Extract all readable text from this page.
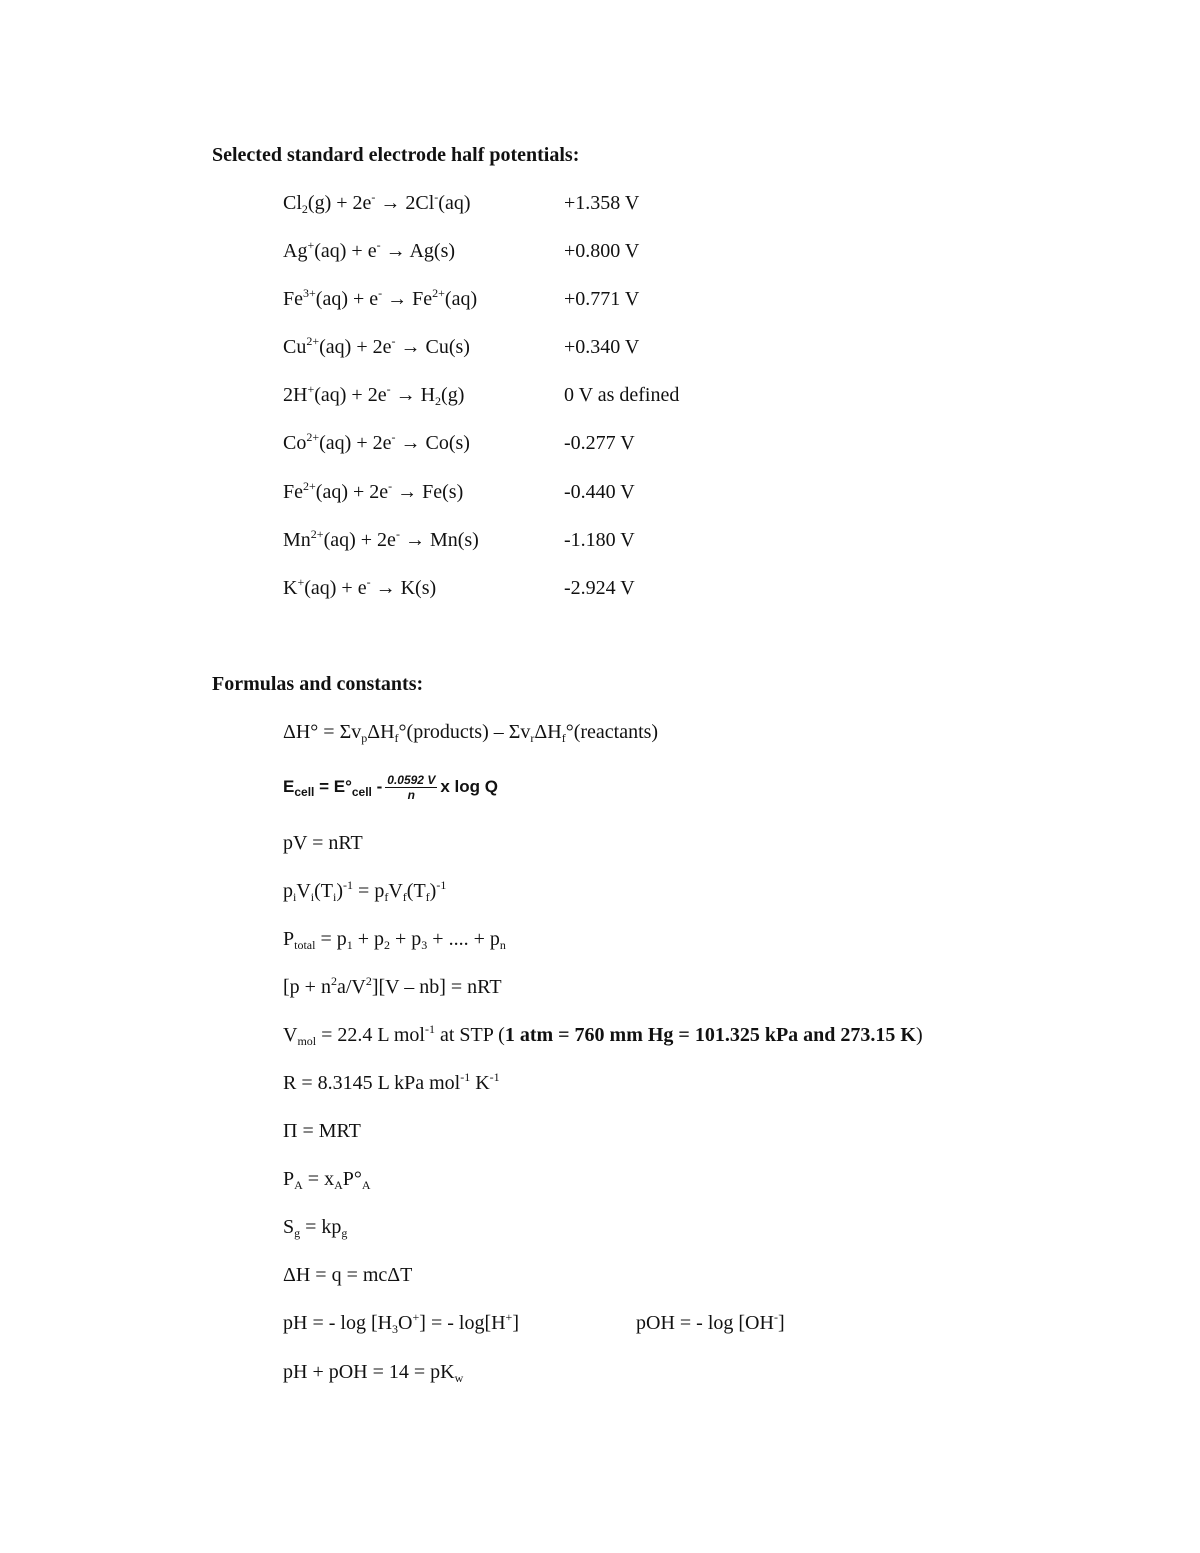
Selected standard electrode half potentials:
$Cl_2(g) + 2e^- \to 2Cl^-(aq)$	+1.358 V
Ag+(aq) + e- → Ag(s)	+0.800 V
$Fe^{3+}(aq) + e^- \to Fe^{2+}(aq)$	+0.771 V
$Cu^{2+}(aq) + 2e^- \to Cu(s)$	+0.340 V
$2H^+(aq) + 2e^- \to H_2(g)$	0 V as defined
$Co^{2+}(aq) + 2e^- \to Co(s)$	-0.277 V
$Fe^{2+}(aq) + 2e^- \to Fe(s)$	-0.440 V
$Mn^{2+}(aq) + 2e^- \to Mn(s)$	-1.180 V
K+(aq) + e- → K(s)	-2.924 V
Formulas and constants:
$\Delta H^\circ = \Sigma v_p\Delta H_f^\circ(products)$ – $\Sigma v_r\Delta H_f^\circ(reactants)$
$E_{cell} = E^\circ_{cell} - \frac{0.0592 V}{n}$ x log Q
pV = nRT
$p_iV_i(T_i)^{-1} = p_fV_f(T_f)^{-1}$
$P_{total} = p_1 + p_2 + p_3$ + .... + $p_n$
$[p + n^2a/V^2][V - nb]$ = nRT
$V_{mol} = 22.4$ L mol$^{-1}$ at STP (1 atm = 760 mm Hg = 101.325 kPa and 273.15 K)
R = 8.3145 L kPa mol$^{-1}$ $K^{-1}$
Π = MRT
$P_A = x_AP^\circ_A$
$S_g = kp_g$
ΔH = q = mcΔT
pH = - $\log [H_3O^+]$ = - log[H+]	pOH = - log [OH-]
pH + pOH = $14 = pK_w$
